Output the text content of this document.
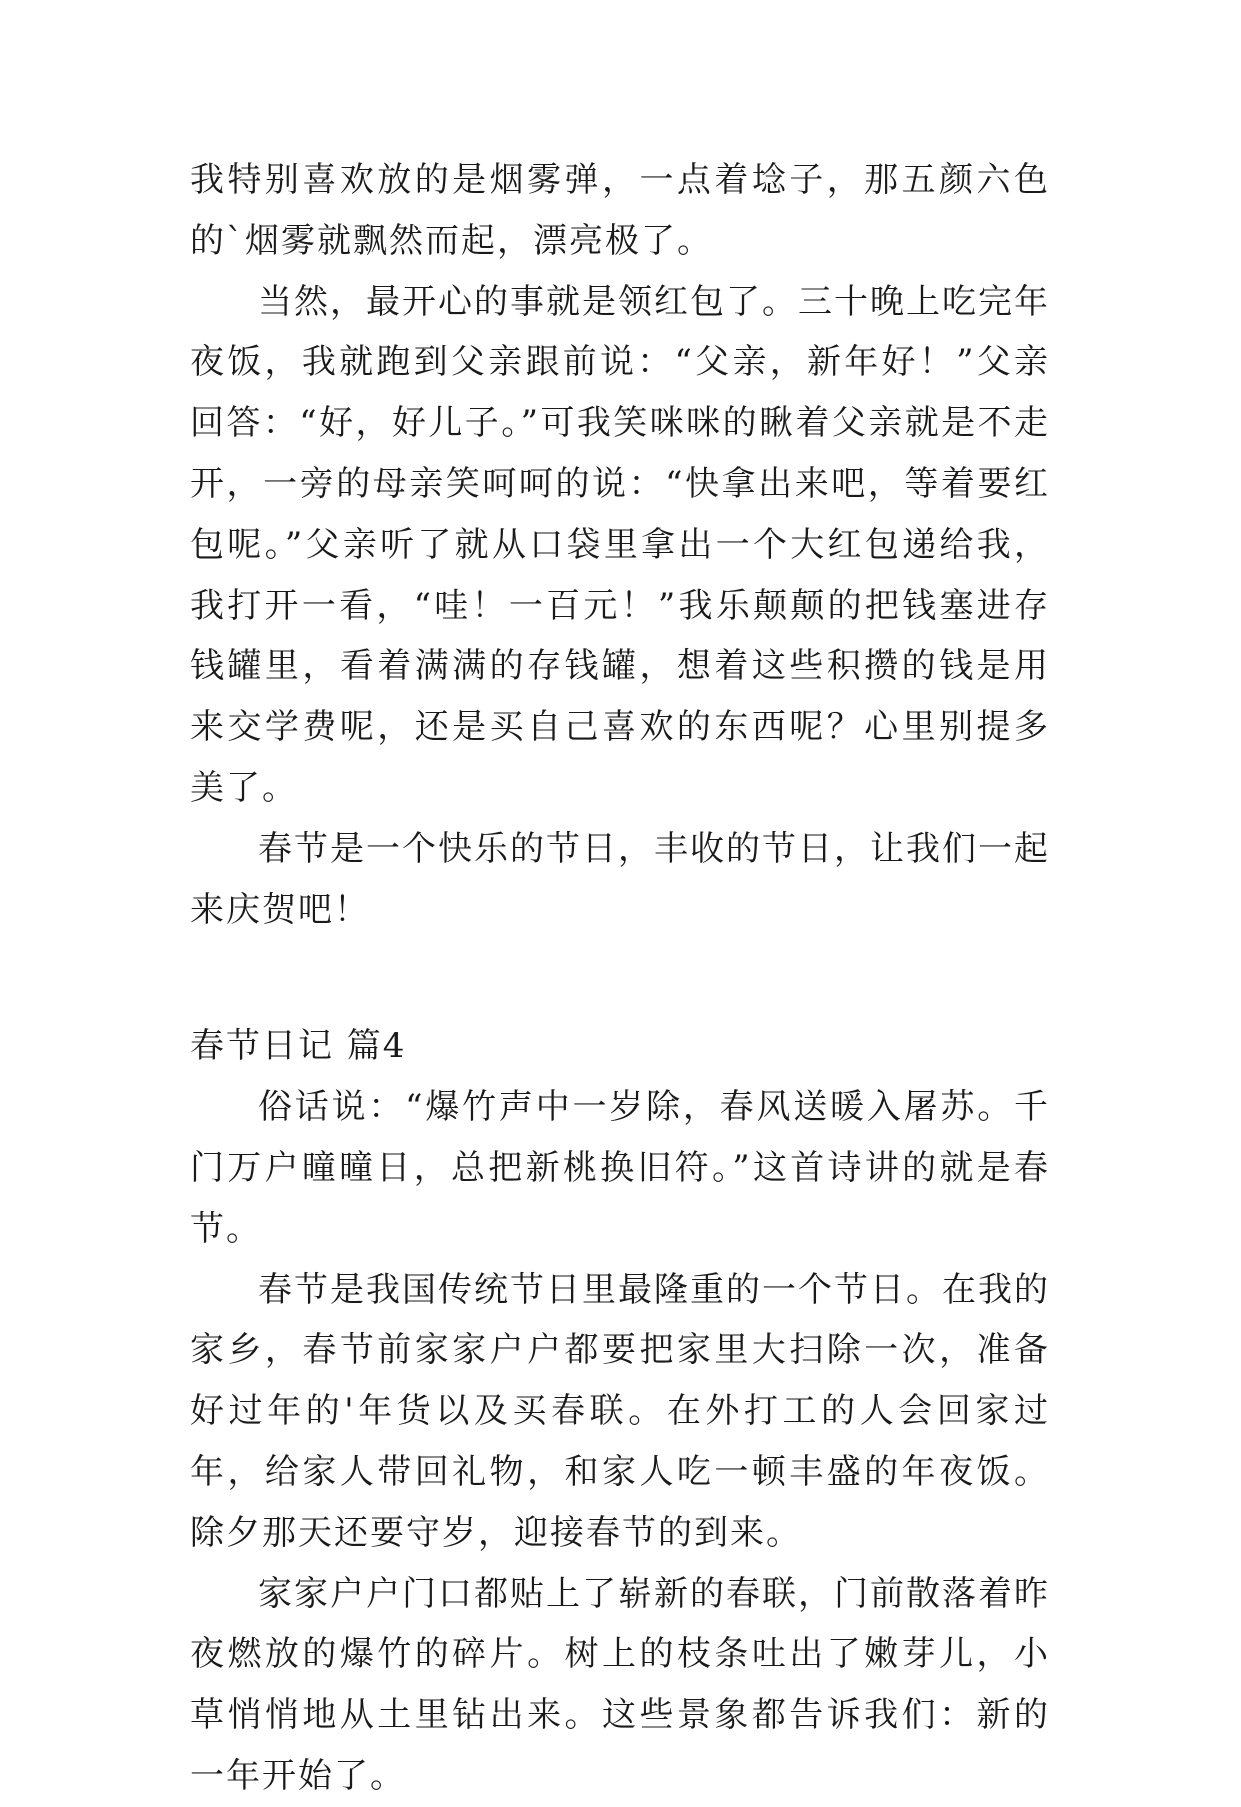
我特别喜欢放的是烟雾弹，一点着埝子，那五颜六色的`烟雾就飘然而起，漂亮极了。

当然，最开心的事就是领红包了。三十晚上吃完年夜饭，我就跑到父亲跟前说：“父亲，新年好！”父亲回答：“好，好儿子。”可我笑咪咪的瞅着父亲就是不走开，一旁的母亲笑呵呵的说：“快拿出来吧，等着要红包呢。”父亲听了就从口袋里拿出一个大红包递给我，我打开一看，“哇！一百元！”我乐颠颠的把钱塞进存钱罐里，看着满满的存钱罐，想着这些积攒的钱是用来交学费呢，还是买自己喜欢的东西呢？心里别提多美了。

春节是一个快乐的节日，丰收的节日，让我们一起来庆贺吧！

春节日记 篇4

俗话说：“爆竹声中一岁除，春风送暖入屠苏。千门万户曈曈日，总把新桃换旧符。”这首诗讲的就是春节。

春节是我国传统节日里最隆重的一个节日。在我的家乡，春节前家家户户都要把家里大扫除一次，准备好过年的'年货以及买春联。在外打工的人会回家过年，给家人带回礼物，和家人吃一顿丰盛的年夜饭。除夕那天还要守岁，迎接春节的到来。

家家户户门口都贴上了崭新的春联，门前散落着昨夜燃放的爆竹的碎片。树上的枝条吐出了嫩芽儿，小草悄悄地从土里钻出来。这些景象都告诉我们：新的一年开始了。
